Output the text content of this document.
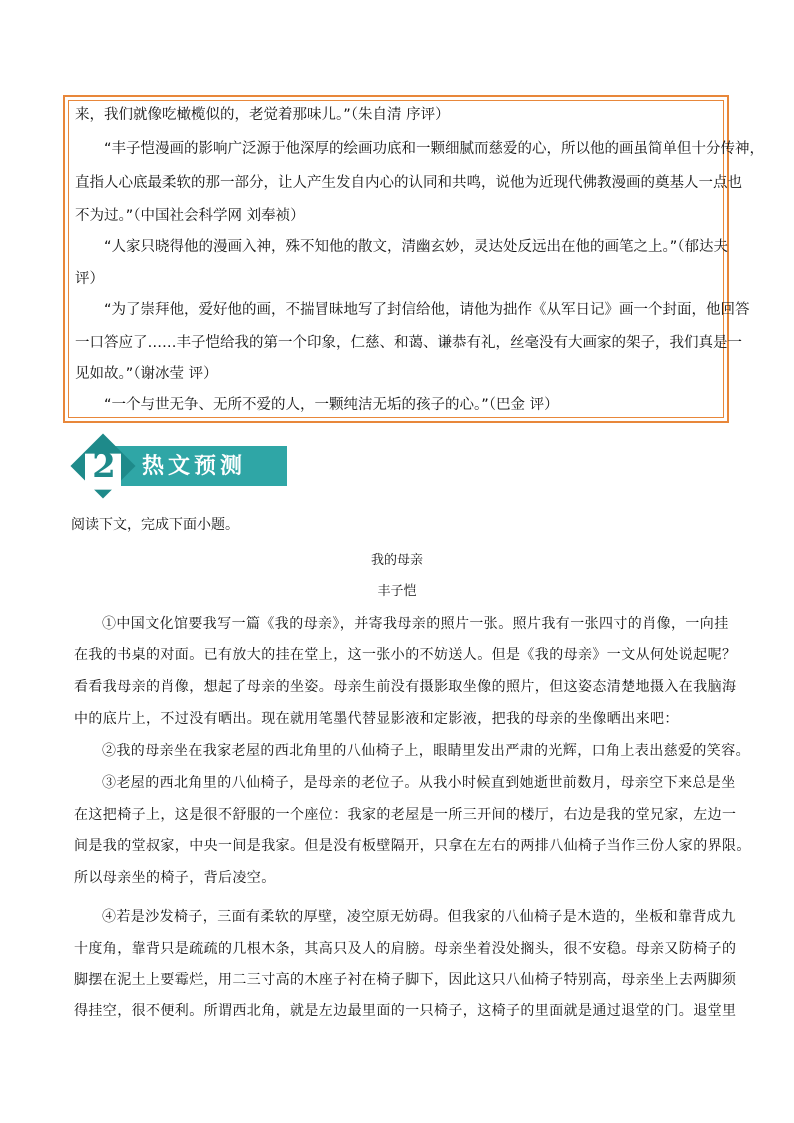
来，我们就像吃橄榄似的，老觉着那味儿。”（朱自清 序评）
“丰子恺漫画的影响广泛源于他深厚的绘画功底和一颗细腻而慈爱的心，所以他的画虽简单但十分传神，
直指人心底最柔软的那一部分，让人产生发自内心的认同和共鸣，说他为近现代佛教漫画的奠基人一点也
不为过。”（中国社会科学网 刘奉祯）
“人家只晓得他的漫画入神，殊不知他的散文，清幽玄妙，灵达处反远出在他的画笔之上。”（郁达夫
评）
“为了崇拜他，爱好他的画，不揣冒昧地写了封信给他，请他为拙作《从军日记》画一个封面，他回答
一口答应了……丰子恺给我的第一个印象，仁慈、和蔼、谦恭有礼，丝毫没有大画家的架子，我们真是一
见如故。”（谢冰莹 评）
“一个与世无争、无所不爱的人，一颗纯洁无垢的孩子的心。”（巴金 评）
2 热文预测
阅读下文，完成下面小题。
我的母亲
丰子恺
①中国文化馆要我写一篇《我的母亲》，并寄我母亲的照片一张。照片我有一张四寸的肖像，一向挂
在我的书桌的对面。已有放大的挂在堂上，这一张小的不妨送人。但是《我的母亲》一文从何处说起呢？
看看我母亲的肖像，想起了母亲的坐姿。母亲生前没有摄影取坐像的照片，但这姿态清楚地摄入在我脑海
中的底片上，不过没有晒出。现在就用笔墨代替显影液和定影液，把我的母亲的坐像晒出来吧：
②我的母亲坐在我家老屋的西北角里的八仙椅子上，眼睛里发出严肃的光辉，口角上表出慈爱的笑容。
③老屋的西北角里的八仙椅子，是母亲的老位子。从我小时候直到她逝世前数月，母亲空下来总是坐
在这把椅子上，这是很不舒服的一个座位：我家的老屋是一所三开间的楼厅，右边是我的堂兄家，左边一
间是我的堂叔家，中央一间是我家。但是没有板壁隔开，只拿在左右的两排八仙椅子当作三份人家的界限。
所以母亲坐的椅子，背后凌空。
④若是沙发椅子，三面有柔软的厚壁，凌空原无妨碍。但我家的八仙椅子是木造的，坐板和靠背成九
十度角，靠背只是疏疏的几根木条，其高只及人的肩膀。母亲坐着没处搁头，很不安稳。母亲又防椅子的
脚摆在泥土上要霉烂，用二三寸高的木座子衬在椅子脚下，因此这只八仙椅子特别高，母亲坐上去两脚须
得挂空，很不便利。所谓西北角，就是左边最里面的一只椅子，这椅子的里面就是通过退堂的门。退堂里
